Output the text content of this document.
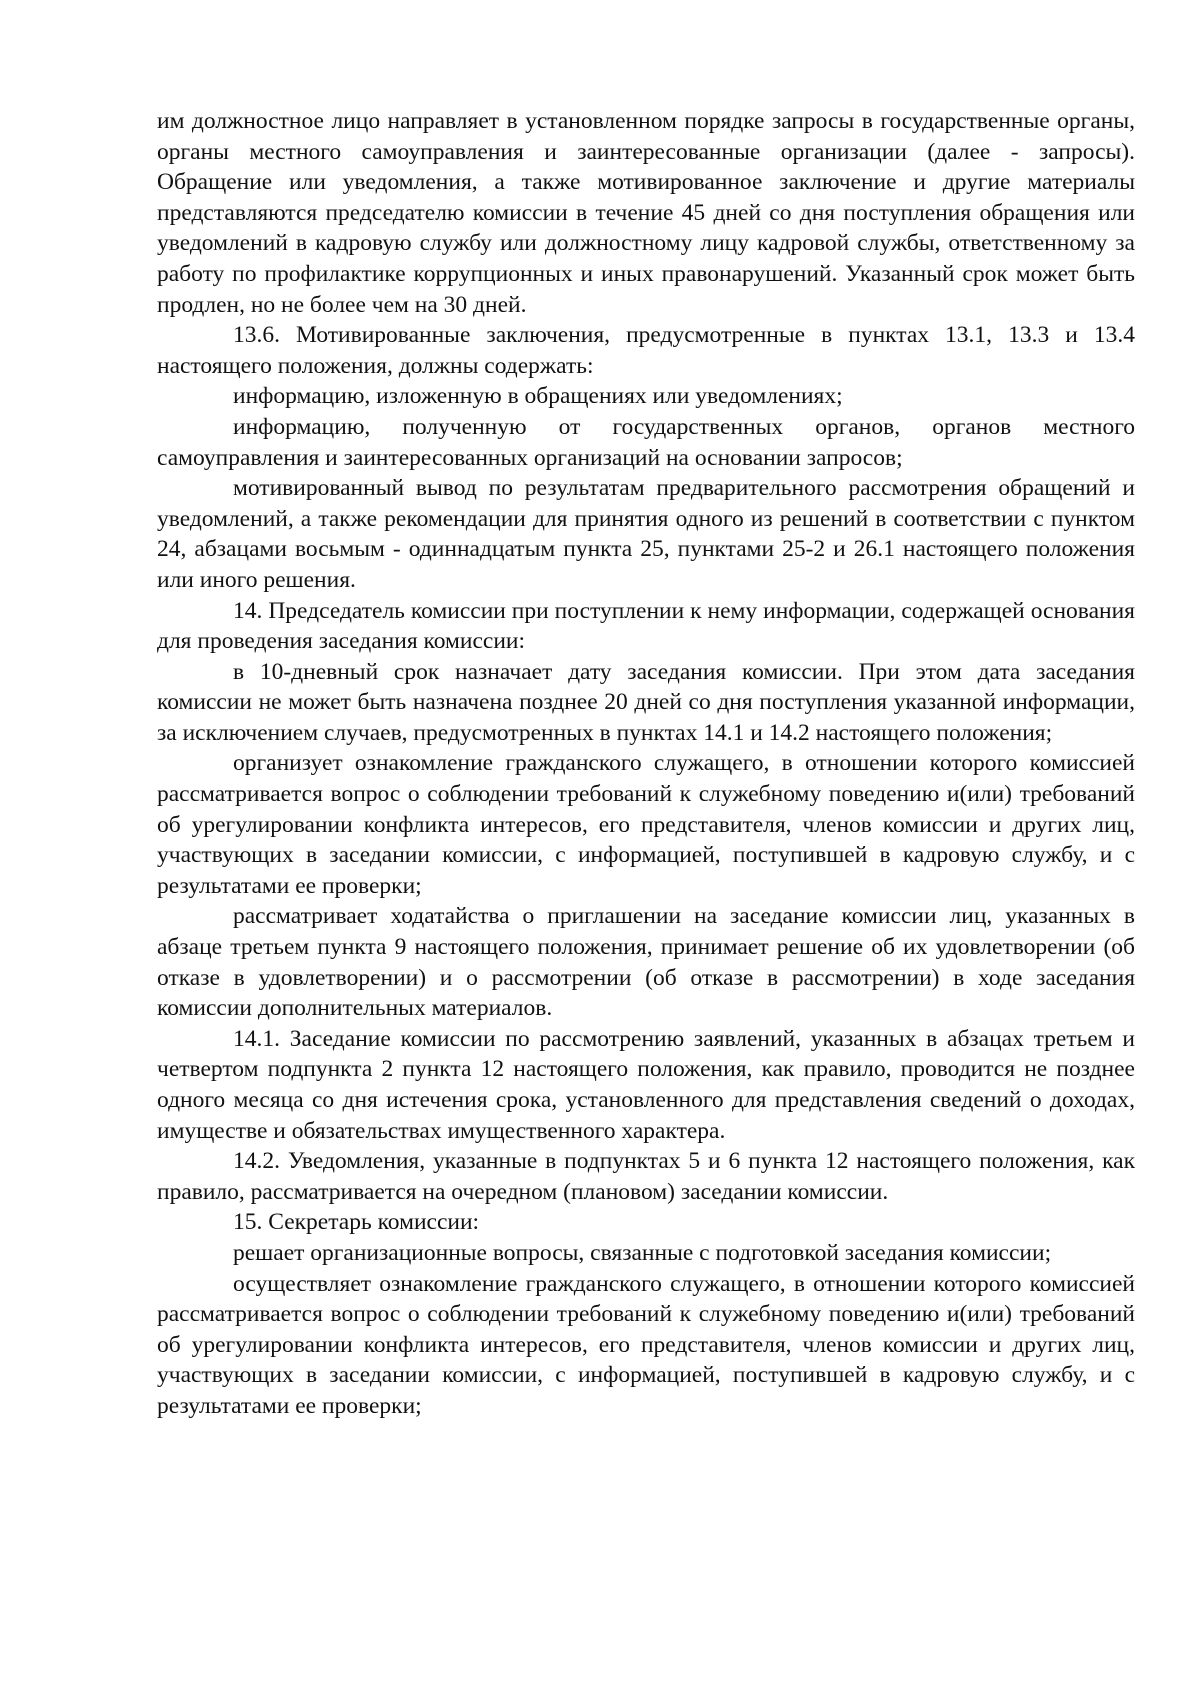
им должностное лицо направляет в установленном порядке запросы в государственные органы, органы местного самоуправления и заинтересованные организации (далее - запросы). Обращение или уведомления, а также мотивированное заключение и другие материалы представляются председателю комиссии в течение 45 дней со дня поступления обращения или уведомлений в кадровую службу или должностному лицу кадровой службы, ответственному за работу по профилактике коррупционных и иных правонарушений. Указанный срок может быть продлен, но не более чем на 30 дней.

13.6. Мотивированные заключения, предусмотренные в пунктах 13.1, 13.3 и 13.4 настоящего положения, должны содержать:

информацию, изложенную в обращениях или уведомлениях;

информацию, полученную от государственных органов, органов местного самоуправления и заинтересованных организаций на основании запросов;

мотивированный вывод по результатам предварительного рассмотрения обращений и уведомлений, а также рекомендации для принятия одного из решений в соответствии с пунктом 24, абзацами восьмым - одиннадцатым пункта 25, пунктами 25-2 и 26.1 настоящего положения или иного решения.

14. Председатель комиссии при поступлении к нему информации, содержащей основания для проведения заседания комиссии:

в 10-дневный срок назначает дату заседания комиссии. При этом дата заседания комиссии не может быть назначена позднее 20 дней со дня поступления указанной информации, за исключением случаев, предусмотренных в пунктах 14.1 и 14.2 настоящего положения;

организует ознакомление гражданского служащего, в отношении которого комиссией рассматривается вопрос о соблюдении требований к служебному поведению и(или) требований об урегулировании конфликта интересов, его представителя, членов комиссии и других лиц, участвующих в заседании комиссии, с информацией, поступившей в кадровую службу, и с результатами ее проверки;

рассматривает ходатайства о приглашении на заседание комиссии лиц, указанных в абзаце третьем пункта 9 настоящего положения, принимает решение об их удовлетворении (об отказе в удовлетворении) и о рассмотрении (об отказе в рассмотрении) в ходе заседания комиссии дополнительных материалов.

14.1. Заседание комиссии по рассмотрению заявлений, указанных в абзацах третьем и четвертом подпункта 2 пункта 12 настоящего положения, как правило, проводится не позднее одного месяца со дня истечения срока, установленного для представления сведений о доходах, имуществе и обязательствах имущественного характера.

14.2. Уведомления, указанные в подпунктах 5 и 6 пункта 12 настоящего положения, как правило, рассматривается на очередном (плановом) заседании комиссии.

15. Секретарь комиссии:

решает организационные вопросы, связанные с подготовкой заседания комиссии;

осуществляет ознакомление гражданского служащего, в отношении которого комиссией рассматривается вопрос о соблюдении требований к служебному поведению и(или) требований об урегулировании конфликта интересов, его представителя, членов комиссии и других лиц, участвующих в заседании комиссии, с информацией, поступившей в кадровую службу, и с результатами ее проверки;
